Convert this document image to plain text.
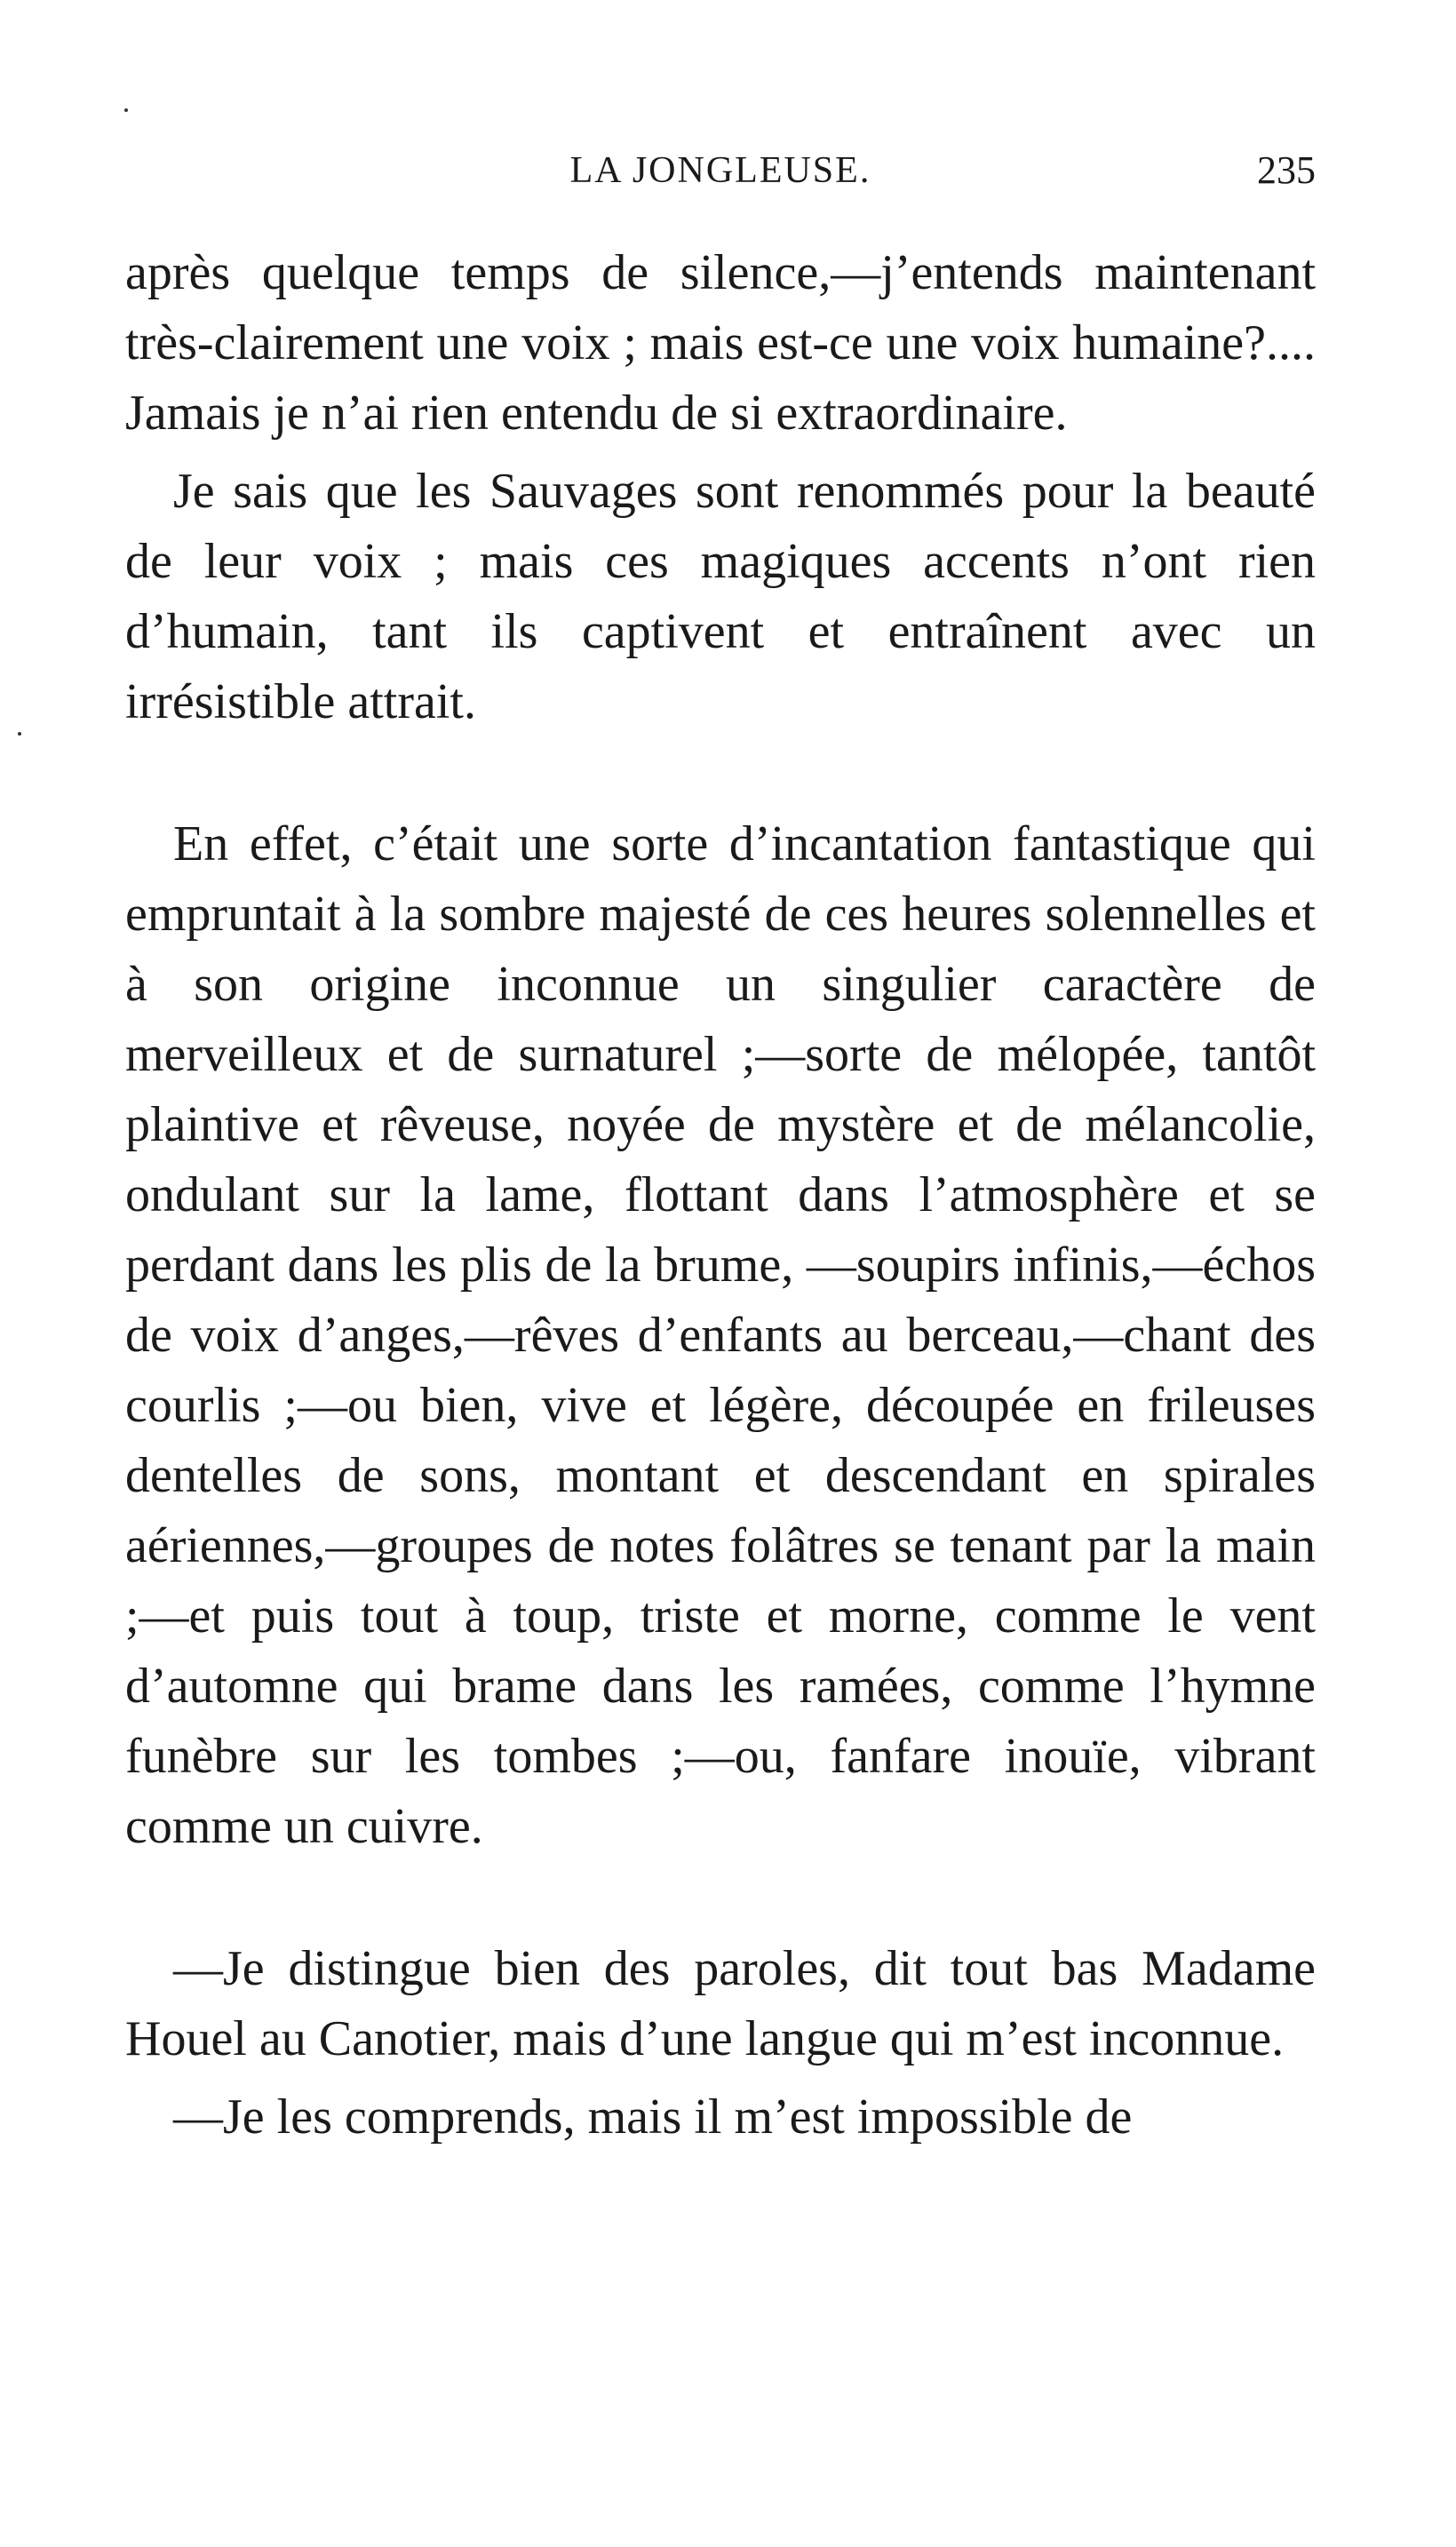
LA JONGLEUSE.	235

après quelque temps de silence,—j’entends maintenant très-clairement une voix ; mais est-ce une voix humaine?.... Jamais je n’ai rien entendu de si extraordinaire.

Je sais que les Sauvages sont renommés pour la beauté de leur voix ; mais ces magiques accents n’ont rien d’humain, tant ils captivent et entraînent avec un irrésistible attrait.

En effet, c’était une sorte d’incantation fantastique qui empruntait à la sombre majesté de ces heures solennelles et à son origine inconnue un singulier caractère de merveilleux et de surnaturel ;—sorte de mélopée, tantôt plaintive et rêveuse, noyée de mystère et de mélancolie, ondulant sur la lame, flottant dans l’atmosphère et se perdant dans les plis de la brume, —soupirs infinis,—échos de voix d’anges,—rêves d’enfants au berceau,—chant des courlis ;—ou bien, vive et légère, découpée en frileuses dentelles de sons, montant et descendant en spirales aériennes,—groupes de notes folâtres se tenant par la main ;—et puis tout à toup, triste et morne, comme le vent d’automne qui brame dans les ramées, comme l’hymne funèbre sur les tombes ;—ou, fanfare inouïe, vibrant comme un cuivre.

—Je distingue bien des paroles, dit tout bas Madame Houel au Canotier, mais d’une langue qui m’est inconnue.

—Je les comprends, mais il m’est impossible de
